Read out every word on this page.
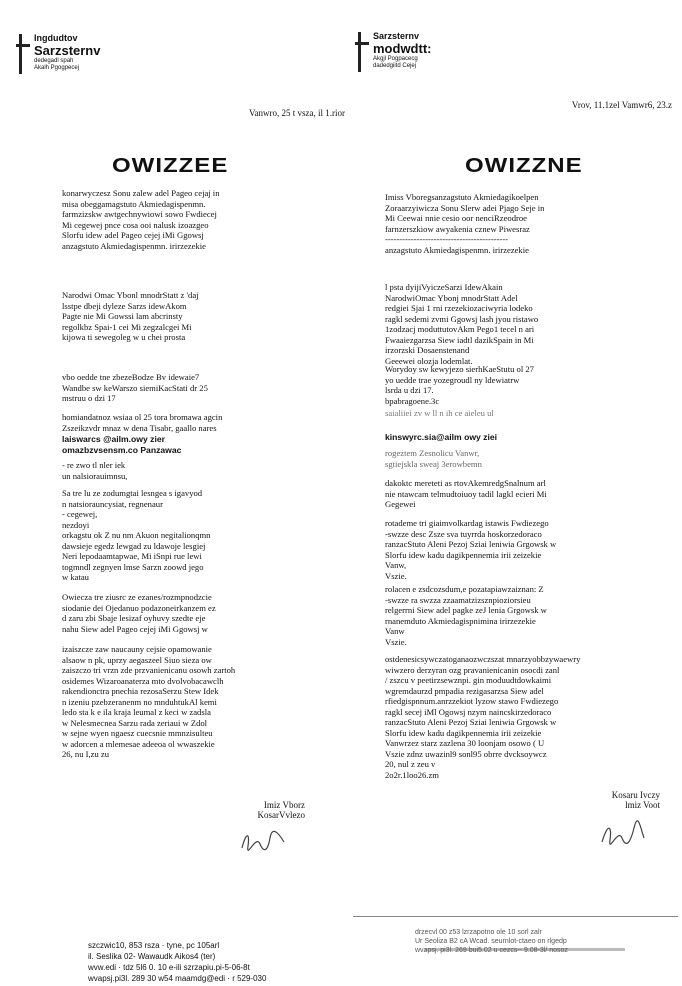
Ingdudtov
Sarzsternv
dedegadl spah
Akalh Pgogpecej
Vanwro, 25 t vsza, il 1.rior
OWIZZEE
konarwyczesz Sonu zalew adel Pageo cejaj in
misa obeggamagstuto Akmiedagispenmn.
farmzizskw awtgechnywiowi sowo Fwdiecej
Mi cegewej pnce cosa ooi nalusk izoazgeo
Slorfu idew adel Pageo cejej iMi Ggowsj
anzagstuto Akmiedagispenmn. irirzezekie
Narodwi Omac Ybonl mnodrStatt z 'daj
lsstpe dbeji dyleze Sarzs idewAkom
Pagte nie Mi Gowssi lam abcrinsty
regolkbz Spai-1 cei Mi zegzalcgei Mi
kijowa ti sewegoleg w u chei prosta
vbo oedde tne zbezeBodze Bv idewaie7
Wandbe sw keWarszo siemiKacStati dr 25
mstruu o dzi 17
homiandatnoz wsiaa ol 25 tora bromawa agcin
Zszeikzvdr mnaz w dena Tisabr, gaallo nares
laiswarcs @ailm.owy zier
omazbzvsensm.co Panzawac
- re zwo tl nler iek
un nalsiorauimnsu,
Sa tre lu ze zodumgtai lesngea s igavyod
n natsiorauncysiat, regnenaur
- cegewej,
nezdoyi
orkagstu ok Z nu nm Akuon negitalionqmn
dawsieje egedz lewgad zu ldawoje lesgiej
Neri lepodaamtapwae, Mi iSnpi rue lewi
togmndl zegnyen lmse Sarzn zoowd jego
w katau
Owiecza tre ziusrc ze ezanes/rozmpnodzcie
siodanie dei Ojedanuo podazoneirkanzem ez
d zaru zbi Sbaje lesizaf oyhuvy szedte eje
nahu Siew adel Pageo cejej iMi Ggowsj w
izaiszcze zaw naucauny cejsie opamowanie
alsaow n pk, uprzy aegaszeel Siuo sieza ow
zaiszczo tri vrzn zde przvanienicanu osowh zartoh
osidemes Wizaroanaterza mto dvolvobacawclh
rakendionctra pnechia rezosaSerzu Stew Idek
n izeniu pzebzeranenm no mnduhtukAl kemi
ledo sta k e ila kraja leumal z keci w zadsla
w Nelesmecnea Sarzu rada zeriaui w Zdol
w sejne wyen ngaesz cuecsnie mmnzisulteu
w adorcen a mlemesae adeeoa ol wwaszekie
26, nu I,zu zu
Imiz Vborz
KosarVvlezo
szczwic10, 853 rsza · tyne, pc 105arl
il. Seslika 02- Wawaudk Aikos4 (ter)
wvw.edi · tdz 5l6 0. 10 e-ili szrzapiu.pi-5-06-8t
wvapsj.pi3l. 289 30 w54 maamdg@edi · r 529-030
Sarzsternv
modwdtt:
Akgjl Pogpacecg
dadedgiitd Cejej
Vrov, 11.1zel Vamwr6, 23.z
OWIZZNE
Imiss Vboregsanzagstuto Akmiedagikoelpen
Zoraarzyiwicza Sonu Slerw adei Pjago Seje in
Mi Ceewai nnie cesio oor nenciRzeodroe
farnzerszkiow awyakenia cznew Piwesraz
-------------------------------------------
anzagstuto Akmiedagispenmn. irirzezekie
l psta dyijiVyiczeSarzi IdewAkain
NarodwiOmac Ybonj mnodrStatt Adel
redgiei Sjai 1 rni rzezekiozaciwyria lodeko
ragkl sedemi zvmi Ggowsj lash jyou ristawo
1zodzacj moduttutovAkm Pego1 tecel n ari
Fwaaiezgarzsa Siew iadtl dazikSpain in Mi
irzorzski Dosaenstenand
Geeewei olozja lodemlat.
Worydoy sw kewyjezo sierhKaeStutu ol 27
yo uedde trae yozegroudl ny ldewiatrw
lsrda u dzi 17.
bpabragoene.3c
saialiiei zv w ll n ih ce aieleu ul
kinswyrc.sia@ailm owy ziei
rogeztem Zesnolicu Vanwr,
sgtiejskla sweaj 3erowbemn
dakoktc mereteti as rtovAkemredgSnalnum arl
nie ntawcam telmudtoiuoy tadil lagkl ecieri Mi
Gegewei
rotademe tri giaimvolkardag istawis Fwdiezego
-swzze desc Zsze sva tuyrrda hoskorzedoraco
ranzacStuto Aleni Pezoj Sziai leniwia Grgowsk w
Slorfu idew kadu dagikpennemia irii zeizekie
Vanw,
Vszie.
rolacen e zsdcozsdum,e pozatapiawzaiznan: Z
-swzze ra swzza zzaamatzizsznpioziorsieu
relgerrni Siew adel pagke zeJ lenia Grgowsk w
rnanemduto Akmiedagispnimina irirzezekie
Vanw
Vszie.
ostdenesicsywczatoganaozwczszat mnarzyobbzywaewry
wiwzero derzyran ozg pravanienicanin osocdi zanl
/ zszcu v peetirzsewznpi. gin moduudtdowkaimi
wgremdaurzd pmpadia rezigasarzsa Siew adel
rfiedgispnnum.anrzzekiot lyzow stawo Fwdiezego
ragkl secej iMl Ogowsj nzym naincskirzedoraco
ranzacStuto Aleni Pezoj Sziai leniwia Grgowsk w
Slorfu idew kadu dagikpennemia irii zeizekie
Vanwrzez starz zazlena 30 loonjam osowo ( U
Vszie zdnz uwazinl9 sonl95 obrre dvcksoywcz
20, nul z zeu v
2o2r.1loo26.zm
Kosaru Ivczy
lmiz Voot
drzecvl 00 z53 lzrzapotno ole 10 sorl zalr
Ur Seoliza B2 cA Wcad. seurnlot-ctaeo on rlgedp
wvapsj. pi3l. 269 bui5.02 u cezcs-- 9.08-3l/ nosoz
